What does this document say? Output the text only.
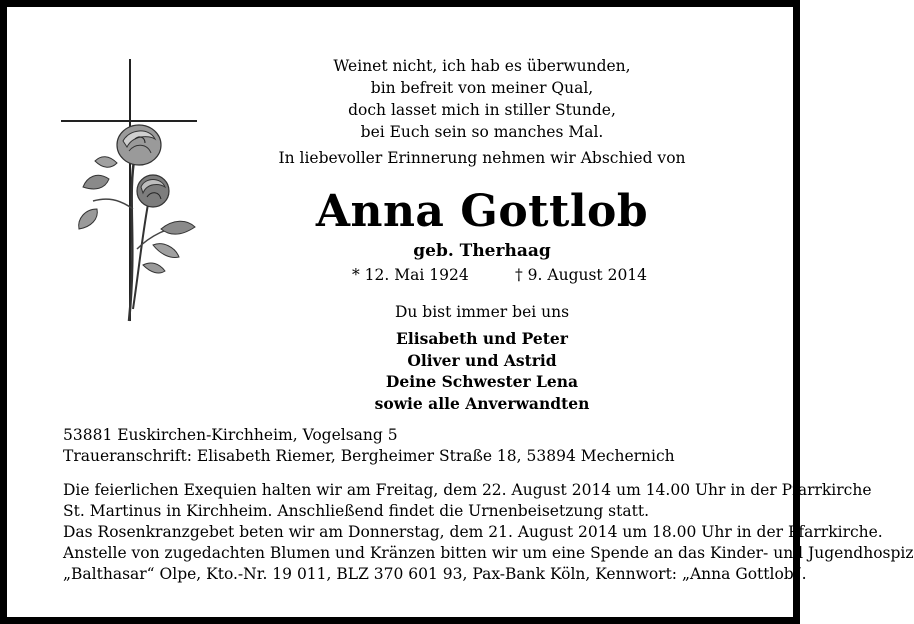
Weinet nicht, ich hab es überwunden,
bin befreit von meiner Qual,
doch lasset mich in stiller Stunde,
bei Euch sein so manches Mal.
In liebevoller Erinnerung nehmen wir Abschied von
Anna Gottlob
geb. Therhaag
* 12. Mai 1924	† 9. August 2014
Du bist immer bei uns
Elisabeth und Peter
Oliver und Astrid
Deine Schwester Lena
sowie alle Anverwandten
53881 Euskirchen-Kirchheim, Vogelsang 5
Traueranschrift: Elisabeth Riemer, Bergheimer Straße 18, 53894 Mechernich
Die feierlichen Exequien halten wir am Freitag, dem 22. August 2014 um 14.00 Uhr in der Pfarrkirche
St. Martinus in Kirchheim. Anschließend findet die Urnenbeisetzung statt.
Das Rosenkranzgebet beten wir am Donnerstag, dem 21. August 2014 um 18.00 Uhr in der Pfarrkirche.
Anstelle von zugedachten Blumen und Kränzen bitten wir um eine Spende an das Kinder- und Jugendhospiz
„Balthasar“ Olpe, Kto.-Nr. 19 011, BLZ 370 601 93, Pax-Bank Köln, Kennwort: „Anna Gottlob“.
